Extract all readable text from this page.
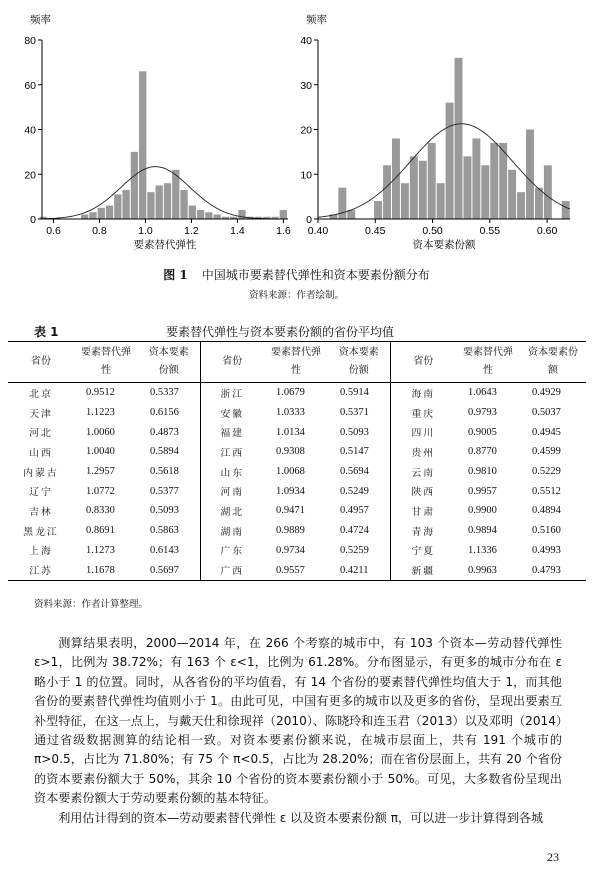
0
20
40
60
80
0.6	0.8	1.0	1.2	1.4	1.6
频率
要素替代弹性
0
10
20
30
40
0.40	0.45	0.50	0.55	0.60
频率
资本要素份额
图 1 中国城市要素替代弹性和资本要素份额分布
资料来源：作者绘制。
表 1	要素替代弹性与资本要素份额的省份平均值
省份	要素替代弹性	资本要素份额	省份	要素替代弹性	资本要素份额	省份	要素替代弹性	资本要素份额
北京	0.9512	0.5337	浙江	1.0679	0.5914	海南	1.0643	0.4929
天津	1.1223	0.6156	安徽	1.0333	0.5371	重庆	0.9793	0.5037
河北	1.0060	0.4873	福建	1.0134	0.5093	四川	0.9005	0.4945
山西	1.0040	0.5894	江西	0.9308	0.5147	贵州	0.8770	0.4599
内蒙古	1.2957	0.5618	山东	1.0068	0.5694	云南	0.9810	0.5229
辽宁	1.0772	0.5377	河南	1.0934	0.5249	陕西	0.9957	0.5512
吉林	0.8330	0.5093	湖北	0.9471	0.4957	甘肃	0.9900	0.4894
黑龙江	0.8691	0.5863	湖南	0.9889	0.4724	青海	0.9894	0.5160
上海	1.1273	0.6143	广东	0.9734	0.5259	宁夏	1.1336	0.4993
江苏	1.1678	0.5697	广西	0.9557	0.4211	新疆	0.9963	0.4793
资料来源：作者计算整理。

测算结果表明，2000—2014 年，在 266 个考察的城市中，有 103 个资本—劳动替代弹性 ε>1，比例为 38.72%；有 163 个 ε<1，比例为 61.28%。分布图显示，有更多的城市分布在 ε 略小于 1 的位置。同时，从各省份的平均值看，有 14 个省份的要素替代弹性均值大于 1，而其他省份的要素替代弹性均值则小于 1。由此可见，中国有更多的城市以及更多的省份，呈现出要素互补型特征，在这一点上，与戴天仕和徐现祥（2010）、陈晓玲和连玉君（2013）以及邓明（2014）通过省级数据测算的结论相一致。对资本要素份额来说，在城市层面上，共有 191 个城市的 π>0.5，占比为 71.80%；有 75 个 π<0.5，占比为 28.20%；而在省份层面上，共有 20 个省份的资本要素份额大于 50%，其余 10 个省份的资本要素份额小于 50%。可见，大多数省份呈现出资本要素份额大于劳动要素份额的基本特征。

利用估计得到的资本—劳动要素替代弹性 ε 以及资本要素份额 π，可以进一步计算得到各城

23
